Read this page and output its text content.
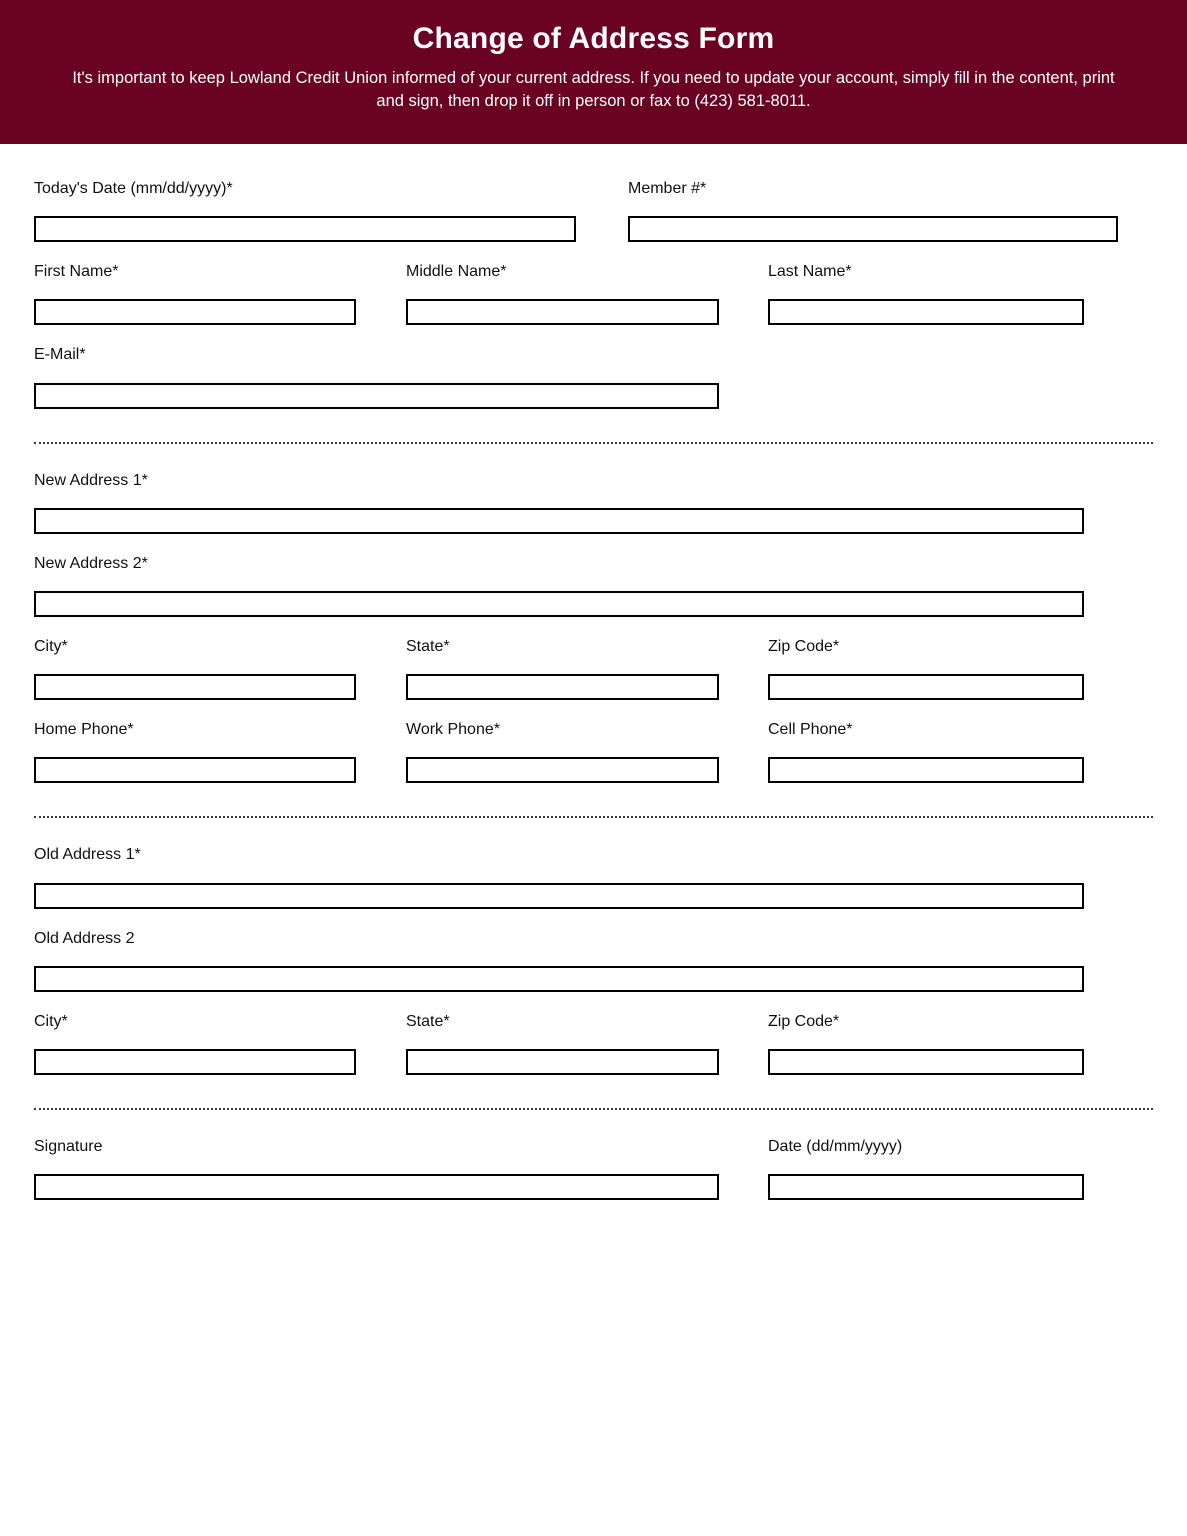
Change of Address Form
It's important to keep Lowland Credit Union informed of your current address. If you need to update your account, simply fill in the content, print and sign, then drop it off in person or fax to (423) 581-8011.
Today's Date (mm/dd/yyyy)*	Member #*
First Name*	Middle Name*	Last Name*
E-Mail*
New Address 1*
New Address 2*
City*	State*	Zip Code*
Home Phone*	Work Phone*	Cell Phone*
Old Address 1*
Old Address 2
City*	State*	Zip Code*
Signature	Date (dd/mm/yyyy)
